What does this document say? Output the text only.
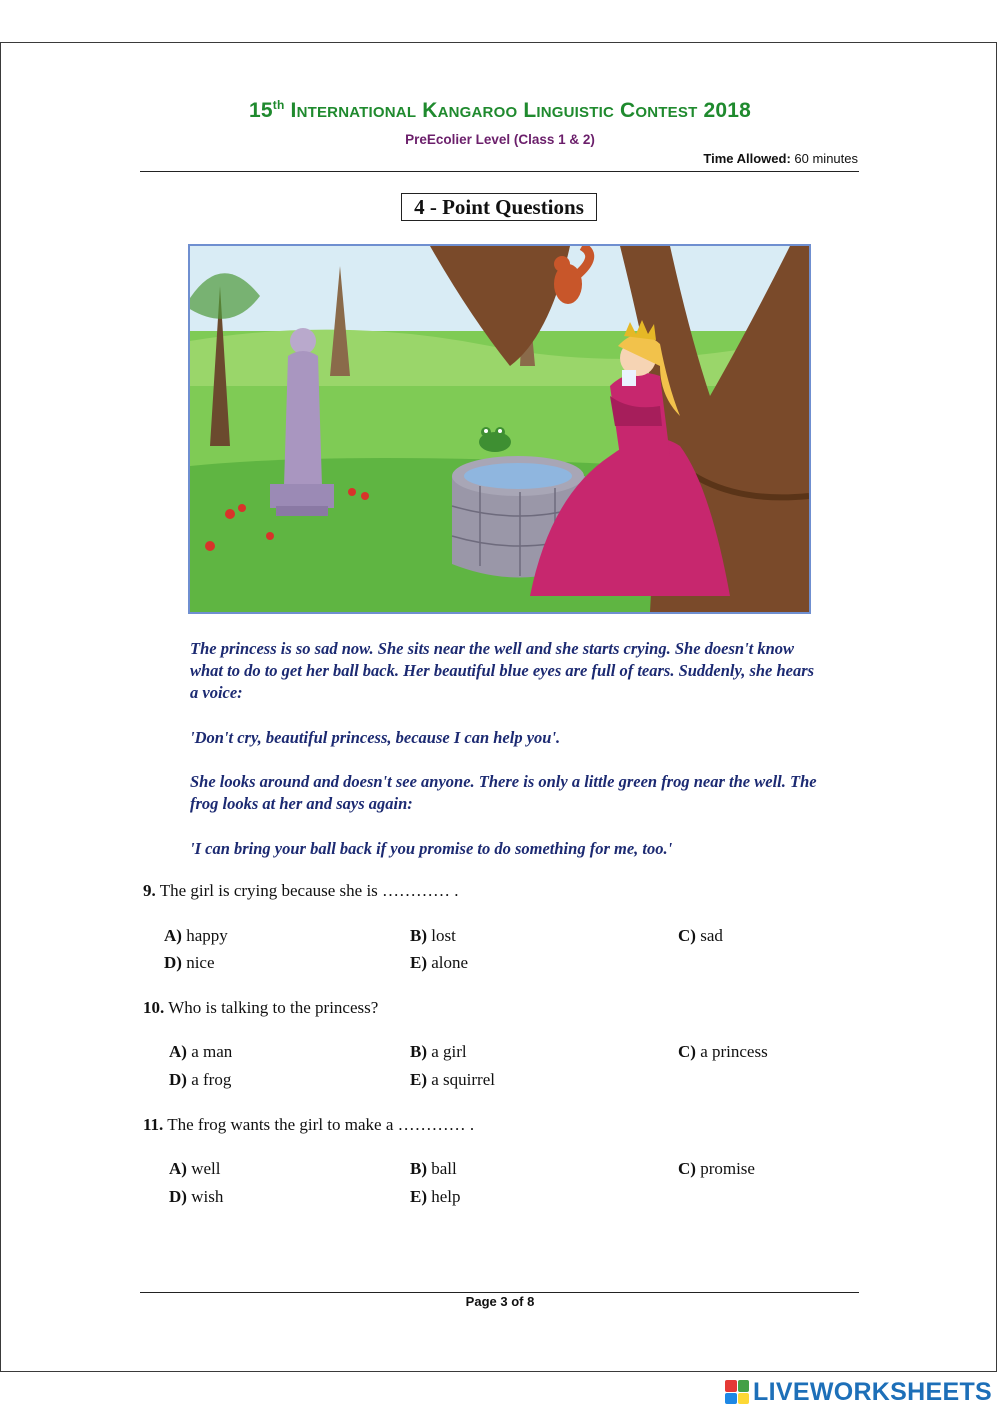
15th International Kangaroo Linguistic Contest 2018
PreEcolier Level (Class 1 & 2)
Time Allowed: 60 minutes
4 - Point Questions
The princess is so sad now. She sits near the well and she starts crying. She doesn't know what to do to get her ball back. Her beautiful blue eyes are full of tears. Suddenly, she hears a voice:
'Don't cry, beautiful princess, because I can help you'.
She looks around and doesn't see anyone. There is only a little green frog near the well. The frog looks at her and says again:
'I can bring your ball back if you promise to do something for me, too.'
9. The girl is crying because she is ………… .
A) happy	B) lost	C) sad
D) nice	E) alone
10. Who is talking to the princess?
A) a man	B) a girl	C) a princess
D) a frog	E) a squirrel
11. The frog wants the girl to make a ………… .
A) well	B) ball	C) promise
D) wish	E) help
Page 3 of 8
LIVEWORKSHEETS
